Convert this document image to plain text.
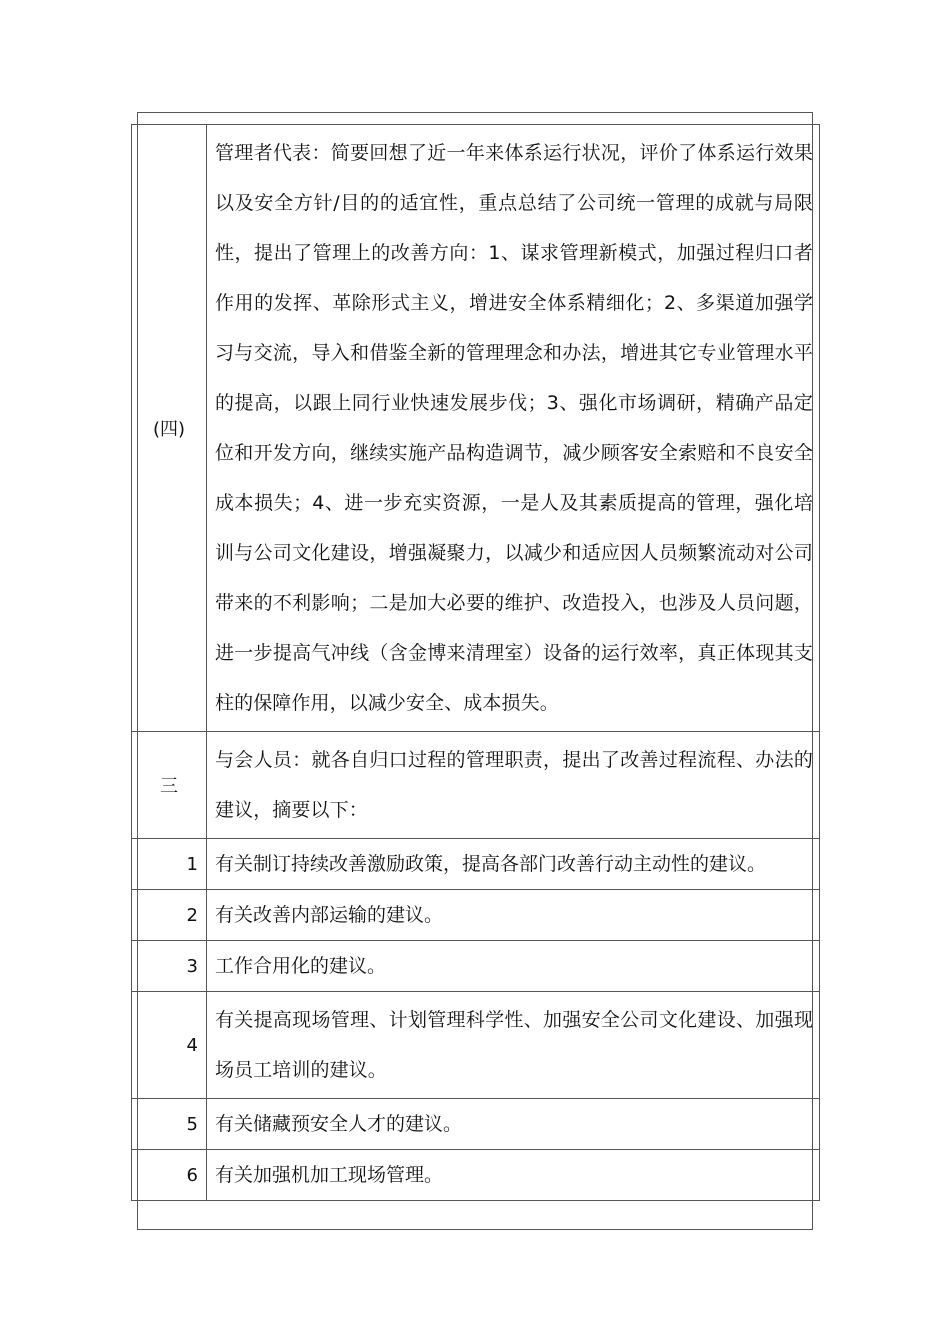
(四)	管理者代表：简要回想了近一年来体系运行状况，评价了体系运行效果以及安全方针/目的的适宜性，重点总结了公司统一管理的成就与局限性，提出了管理上的改善方向：1、谋求管理新模式，加强过程归口者作用的发挥、革除形式主义，增进安全体系精细化；2、多渠道加强学习与交流，导入和借鉴全新的管理理念和办法，增进其它专业管理水平的提高，以跟上同行业快速发展步伐；3、强化市场调研，精确产品定位和开发方向，继续实施产品构造调节，减少顾客安全索赔和不良安全成本损失；4、进一步充实资源，一是人及其素质提高的管理，强化培训与公司文化建设，增强凝聚力，以减少和适应因人员频繁流动对公司带来的不利影响；二是加大必要的维护、改造投入，也涉及人员问题，进一步提高气冲线（含金博来清理室）设备的运行效率，真正体现其支柱的保障作用，以减少安全、成本损失。
三	与会人员：就各自归口过程的管理职责，提出了改善过程流程、办法的建议，摘要以下：
1	有关制订持续改善激励政策，提高各部门改善行动主动性的建议。
2	有关改善内部运输的建议。
3	工作合用化的建议。
4	有关提高现场管理、计划管理科学性、加强安全公司文化建设、加强现场员工培训的建议。
5	有关储藏预安全人才的建议。
6	有关加强机加工现场管理。
